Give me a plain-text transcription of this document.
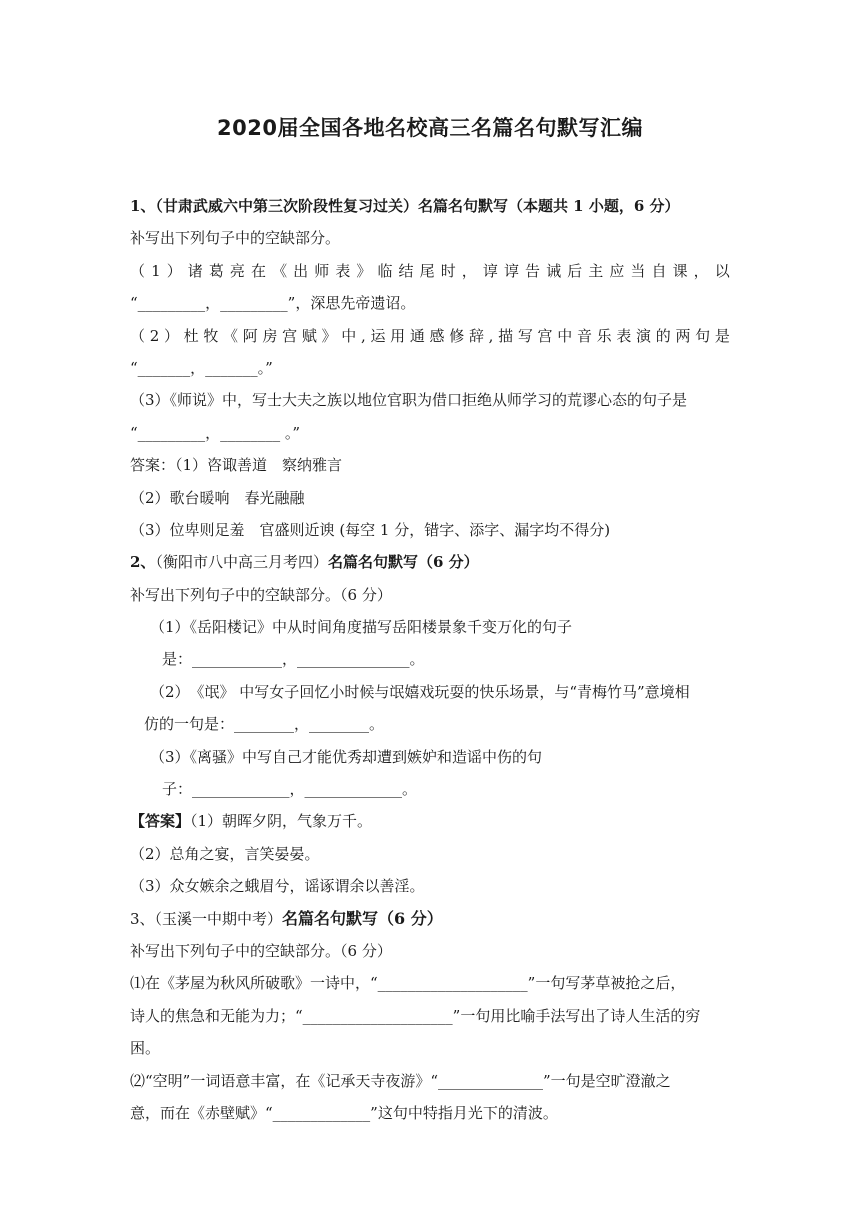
2020届全国各地名校高三名篇名句默写汇编
1、（甘肃武威六中第三次阶段性复习过关）名篇名句默写（本题共 1 小题，6 分）
补写出下列句子中的空缺部分。
（ 1 ） 诸 葛 亮 在 《 出 师 表 》 临 结 尾 时 ， 谆 谆 告 诫 后 主 应 当 自 课 ， 以
“_________，_________”，深思先帝遗诏。
（ 2 ） 杜 牧 《 阿 房 宫 赋 》 中 , 运 用 通 感 修 辞 , 描 写 宫 中 音 乐 表 演 的 两 句 是
“_______，_______。”
（3）《师说》中，写士大夫之族以地位官职为借口拒绝从师学习的荒谬心态的句子是
“_________，________ 。”
答案：（1）咨诹善道　察纳雅言
（2）歌台暖响　春光融融
（3）位卑则足羞　官盛则近谀 (每空 1 分，错字、添字、漏字均不得分)
2、（衡阳市八中高三月考四）名篇名句默写（6 分）
补写出下列句子中的空缺部分。（6 分）
（1）《岳阳楼记》中从时间角度描写岳阳楼景象千变万化的句子
是：____________，_______________。
（2）　《氓》 中写女子回忆小时候与氓嬉戏玩耍的快乐场景，与“青梅竹马”意境相
仿的一句是：________，________。
（3）《离骚》中写自己才能优秀却遭到嫉妒和造谣中伤的句
子：_____________，_____________。
【答案】（1）朝晖夕阴，气象万千。
（2）总角之宴，言笑晏晏。
（3）众女嫉余之蛾眉兮，谣诼谓余以善淫。
3、（玉溪一中期中考）名篇名句默写（6 分）
补写出下列句子中的空缺部分。（6 分）
⑴在《茅屋为秋风所破歌》一诗中，“____________________”一句写茅草被抢之后，
诗人的焦急和无能为力；“____________________”一句用比喻手法写出了诗人生活的穷
困。
⑵“空明”一词语意丰富，在《记承天寺夜游》“______________”一句是空旷澄澈之
意，而在《赤壁赋》“_____________”这句中特指月光下的清波。
